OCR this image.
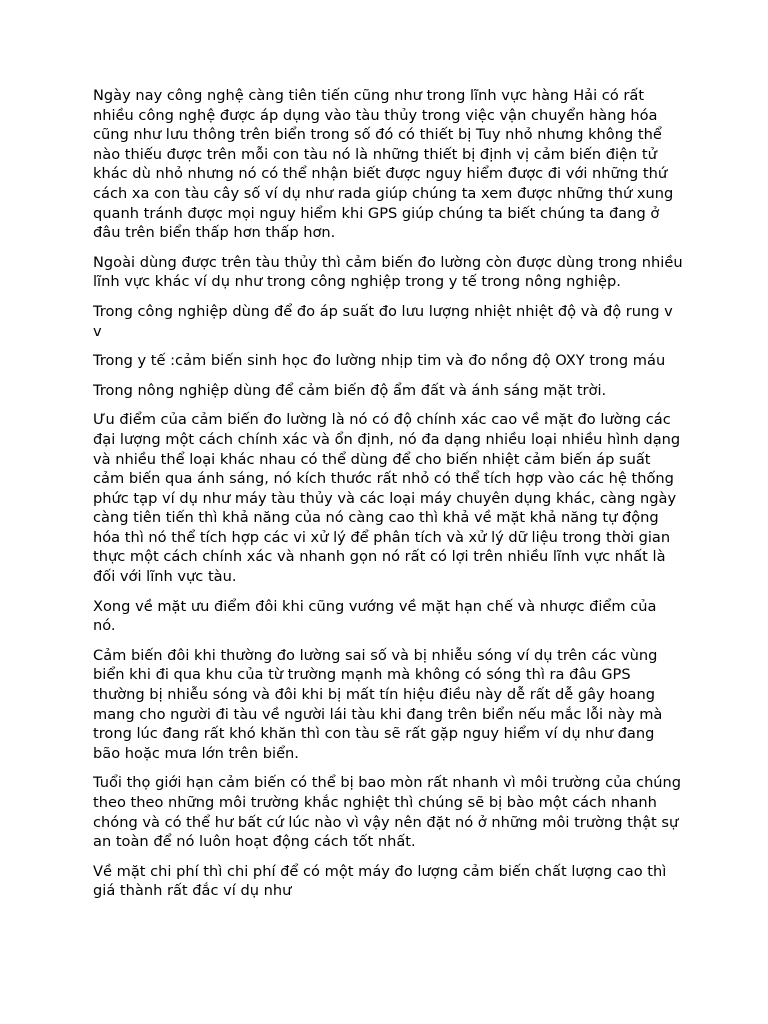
Ngày nay công nghệ càng tiên tiến cũng như trong lĩnh vực hàng Hải có rất nhiều công nghệ được áp dụng vào tàu thủy trong việc vận chuyển hàng hóa cũng như lưu thông trên biển trong số đó có thiết bị Tuy nhỏ nhưng không thể nào thiếu được trên mỗi con tàu nó là những thiết bị định vị cảm biến điện tử khác dù nhỏ nhưng nó có thể nhận biết được nguy hiểm được đi với những thứ cách xa con tàu cây số ví dụ như rada giúp chúng ta xem được những thứ xung quanh tránh được mọi nguy hiểm khi GPS giúp chúng ta biết chúng ta đang ở đâu trên biển thấp hơn thấp hơn.

Ngoài dùng được trên tàu thủy thì cảm biến đo lường còn được dùng trong nhiều lĩnh vực khác ví dụ như trong công nghiệp trong y tế trong nông nghiệp.

Trong công nghiệp dùng để đo áp suất đo lưu lượng nhiệt nhiệt độ và độ rung v v

Trong y tế :cảm biến sinh học đo lường nhịp tim và đo nồng độ OXY trong máu

Trong nông nghiệp dùng để cảm biến độ ẩm đất và ánh sáng mặt trời.

Ưu điểm của cảm biến đo lường là nó có độ chính xác cao về mặt đo lường các đại lượng một cách chính xác và ổn định, nó đa dạng nhiều loại nhiều hình dạng và nhiều thể loại khác nhau có thể dùng để cho biến nhiệt cảm biến áp suất cảm biến qua ánh sáng, nó kích thước rất nhỏ có thể tích hợp vào các hệ thống phức tạp ví dụ như máy tàu thủy và các loại máy chuyên dụng khác, càng ngày càng tiên tiến thì khả năng của nó càng cao thì khả về mặt khả năng tự động hóa thì nó thể tích hợp các vi xử lý để phân tích và xử lý dữ liệu trong thời gian thực một cách chính xác và nhanh gọn nó rất có lợi trên nhiều lĩnh vực nhất là đối với lĩnh vực tàu.

Xong về mặt ưu điểm đôi khi cũng vướng về mặt hạn chế và nhược điểm của nó.

Cảm biến đôi khi thường đo lường sai số và bị nhiễu sóng ví dụ trên các vùng biển khi đi qua khu của từ trường mạnh mà không có sóng thì ra đâu GPS thường bị nhiễu sóng và đôi khi bị mất tín hiệu điều này dễ rất dễ gây hoang mang cho người đi tàu về người lái tàu khi đang trên biển nếu mắc lỗi này mà trong lúc đang rất khó khăn thì con tàu sẽ rất gặp nguy hiểm ví dụ như đang bão hoặc mưa lớn trên biển.

Tuổi thọ giới hạn cảm biến có thể bị bao mòn rất nhanh vì môi trường của chúng theo theo những môi trường khắc nghiệt thì chúng sẽ bị bào một cách nhanh chóng và có thể hư bất cứ lúc nào vì vậy nên đặt nó ở những môi trường thật sự an toàn để nó luôn hoạt động cách tốt nhất.

Về mặt chi phí thì chi phí để có một máy đo lượng cảm biến chất lượng cao thì giá thành rất đắc ví dụ như
